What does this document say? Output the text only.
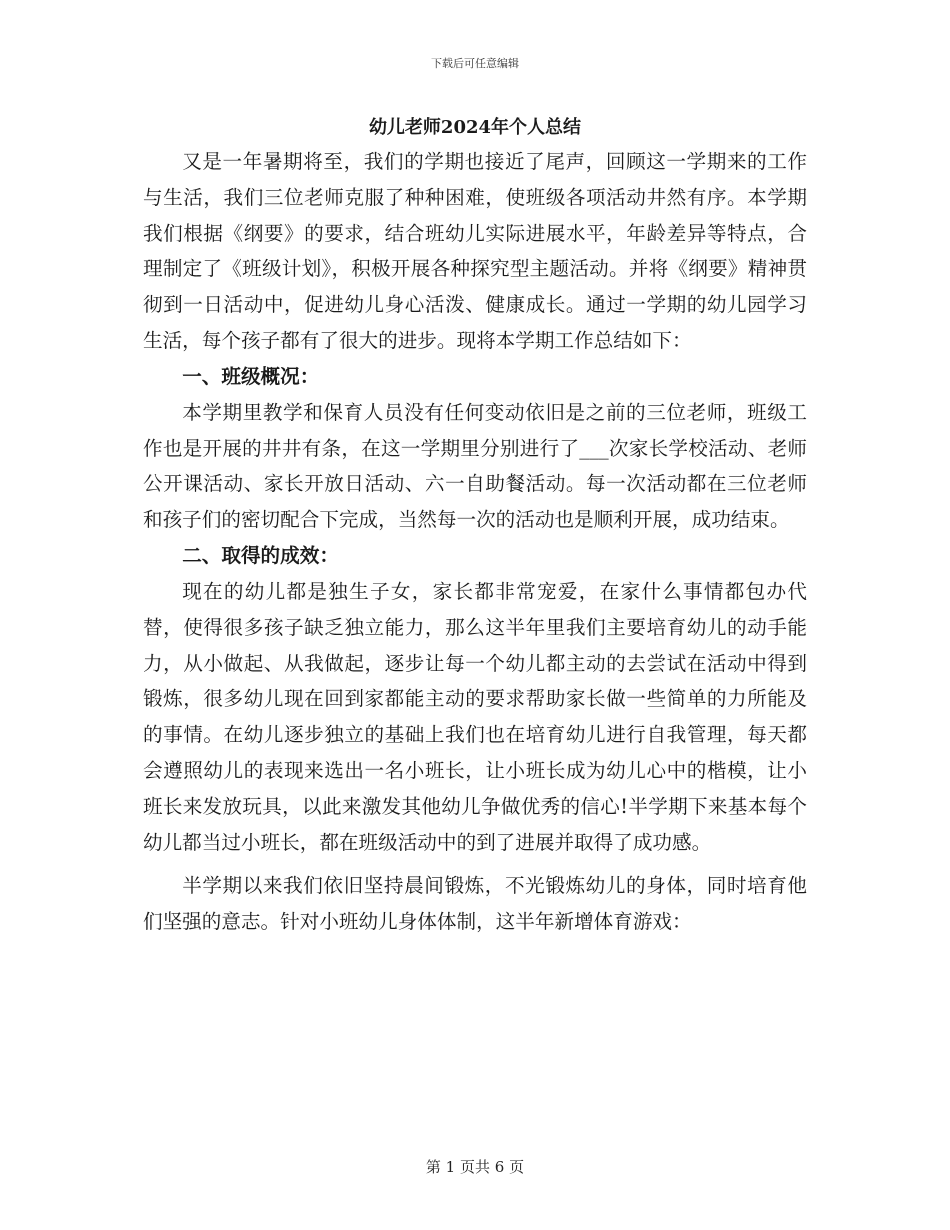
下载后可任意编辑
幼儿老师2024年个人总结

又是一年暑期将至，我们的学期也接近了尾声，回顾这一学期来的工作与生活，我们三位老师克服了种种困难，使班级各项活动井然有序。本学期我们根据《纲要》的要求，结合班幼儿实际进展水平，年龄差异等特点，合理制定了《班级计划》，积极开展各种探究型主题活动。并将《纲要》精神贯彻到一日活动中，促进幼儿身心活泼、健康成长。通过一学期的幼儿园学习生活，每个孩子都有了很大的进步。现将本学期工作总结如下：

一、班级概况：

本学期里教学和保育人员没有任何变动依旧是之前的三位老师，班级工作也是开展的井井有条，在这一学期里分别进行了___次家长学校活动、老师公开课活动、家长开放日活动、六一自助餐活动。每一次活动都在三位老师和孩子们的密切配合下完成，当然每一次的活动也是顺利开展，成功结束。

二、取得的成效：

现在的幼儿都是独生子女，家长都非常宠爱，在家什么事情都包办代替，使得很多孩子缺乏独立能力，那么这半年里我们主要培育幼儿的动手能力，从小做起、从我做起，逐步让每一个幼儿都主动的去尝试在活动中得到锻炼，很多幼儿现在回到家都能主动的要求帮助家长做一些简单的力所能及的事情。在幼儿逐步独立的基础上我们也在培育幼儿进行自我管理，每天都会遵照幼儿的表现来选出一名小班长，让小班长成为幼儿心中的楷模，让小班长来发放玩具，以此来激发其他幼儿争做优秀的信心!半学期下来基本每个幼儿都当过小班长，都在班级活动中的到了进展并取得了成功感。

半学期以来我们依旧坚持晨间锻炼，不光锻炼幼儿的身体，同时培育他们坚强的意志。针对小班幼儿身体体制，这半年新增体育游戏：

第 1 页共 6 页
